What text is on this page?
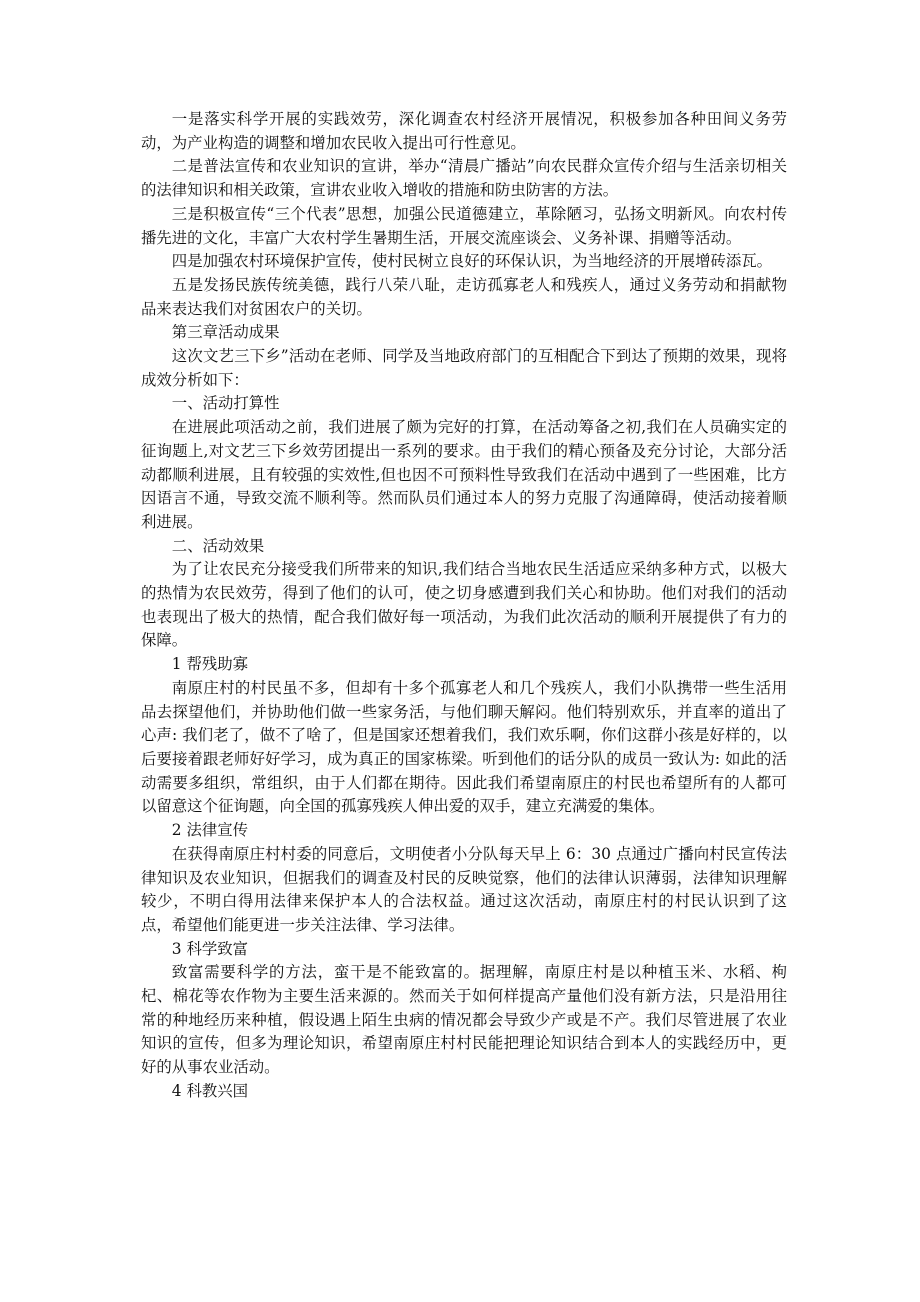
一是落实科学开展的实践效劳，深化调查农村经济开展情况，积极参加各种田间义务劳动，为产业构造的调整和增加农民收入提出可行性意见。

二是普法宣传和农业知识的宣讲，举办“清晨广播站”向农民群众宣传介绍与生活亲切相关的法律知识和相关政策，宣讲农业收入增收的措施和防虫防害的方法。

三是积极宣传“三个代表”思想，加强公民道德建立，革除陋习，弘扬文明新风。向农村传播先进的文化，丰富广大农村学生暑期生活，开展交流座谈会、义务补课、捐赠等活动。

四是加强农村环境保护宣传，使村民树立良好的环保认识，为当地经济的开展增砖添瓦。

五是发扬民族传统美德，践行八荣八耻，走访孤寡老人和残疾人，通过义务劳动和捐献物品来表达我们对贫困农户的关切。

第三章活动成果

这次文艺三下乡”活动在老师、同学及当地政府部门的互相配合下到达了预期的效果，现将成效分析如下：

一、活动打算性

在进展此项活动之前，我们进展了颇为完好的打算，在活动筹备之初,我们在人员确实定的征询题上,对文艺三下乡效劳团提出一系列的要求。由于我们的精心预备及充分讨论，大部分活动都顺利进展，且有较强的实效性,但也因不可预料性导致我们在活动中遇到了一些困难，比方因语言不通，导致交流不顺利等。然而队员们通过本人的努力克服了沟通障碍，使活动接着顺利进展。

二、活动效果

为了让农民充分接受我们所带来的知识,我们结合当地农民生活适应采纳多种方式，以极大的热情为农民效劳，得到了他们的认可，使之切身感遭到我们关心和协助。他们对我们的活动也表现出了极大的热情，配合我们做好每一项活动，为我们此次活动的顺利开展提供了有力的保障。

1 帮残助寡

南原庄村的村民虽不多，但却有十多个孤寡老人和几个残疾人，我们小队携带一些生活用品去探望他们，并协助他们做一些家务活，与他们聊天解闷。他们特别欢乐，并直率的道出了心声: 我们老了，做不了啥了，但是国家还想着我们，我们欢乐啊，你们这群小孩是好样的，以后要接着跟老师好好学习，成为真正的国家栋梁。听到他们的话分队的成员一致认为: 如此的活动需要多组织，常组织，由于人们都在期待。因此我们希望南原庄的村民也希望所有的人都可以留意这个征询题，向全国的孤寡残疾人伸出爱的双手，建立充满爱的集体。

2 法律宣传

在获得南原庄村村委的同意后，文明使者小分队每天早上 6：30 点通过广播向村民宣传法律知识及农业知识，但据我们的调查及村民的反映觉察，他们的法律认识薄弱，法律知识理解较少，不明白得用法律来保护本人的合法权益。通过这次活动，南原庄村的村民认识到了这点，希望他们能更进一步关注法律、学习法律。

3 科学致富

致富需要科学的方法，蛮干是不能致富的。据理解，南原庄村是以种植玉米、水稻、枸杞、棉花等农作物为主要生活来源的。然而关于如何样提高产量他们没有新方法，只是沿用往常的种地经历来种植，假设遇上陌生虫病的情况都会导致少产或是不产。我们尽管进展了农业知识的宣传，但多为理论知识，希望南原庄村村民能把理论知识结合到本人的实践经历中，更好的从事农业活动。

4 科教兴国
